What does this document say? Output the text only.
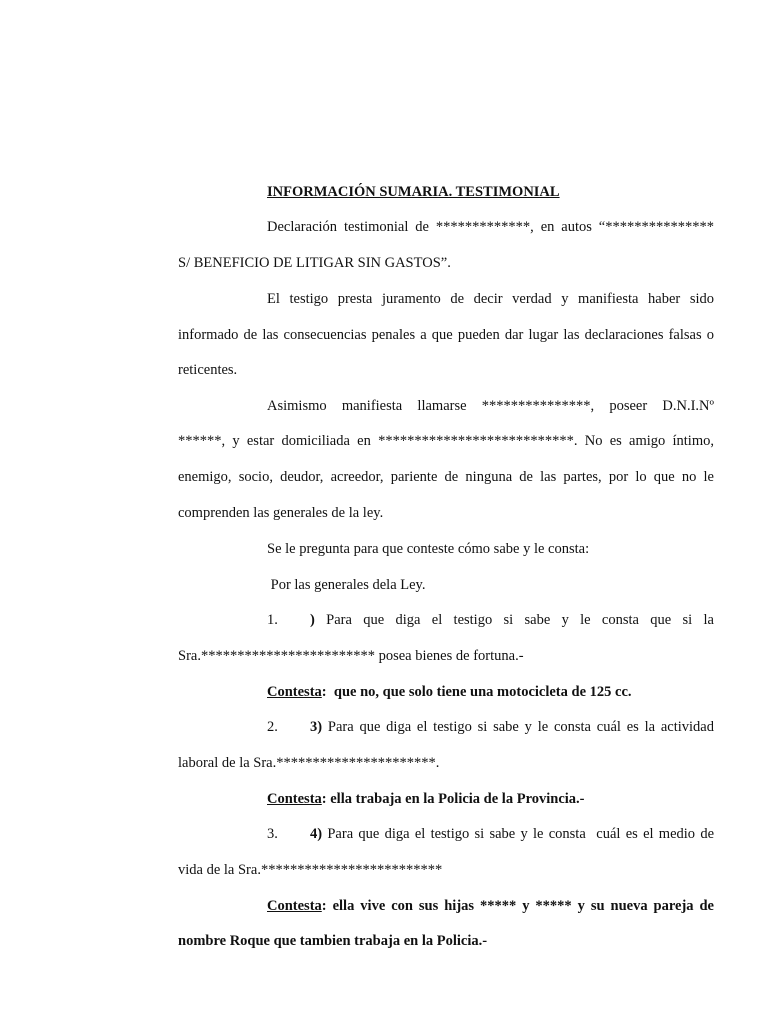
INFORMACIÓN SUMARIA. TESTIMONIAL
Declaración testimonial de *************, en autos “***************
S/ BENEFICIO DE LITIGAR SIN GASTOS”.
El testigo presta juramento de decir verdad y manifiesta haber sido
informado de las consecuencias penales a que pueden dar lugar las declaraciones falsas o
reticentes.
Asimismo manifiesta llamarse ***************, poseer D.N.I.Nº
******, y estar domiciliada en ***************************. No es amigo íntimo,
enemigo, socio, deudor, acreedor, pariente de ninguna de las partes, por lo que no le
comprenden las generales de la ley.
Se le pregunta para que conteste cómo sabe y le consta:
Por las generales dela Ley.
1. ) Para que diga el testigo si sabe y le consta que si la
Sra.************************ posea bienes de fortuna.-
Contesta:  que no, que solo tiene una motocicleta de 125 cc.
2. 3) Para que diga el testigo si sabe y le consta cuál es la actividad
laboral de la Sra.**********************.
Contesta: ella trabaja en la Policia de la Provincia.-
3. 4) Para que diga el testigo si sabe y le consta  cuál es el medio de
vida de la Sra.*************************
Contesta: ella vive con sus hijas ***** y ***** y su nueva pareja de
nombre Roque que tambien trabaja en la Policia.-
